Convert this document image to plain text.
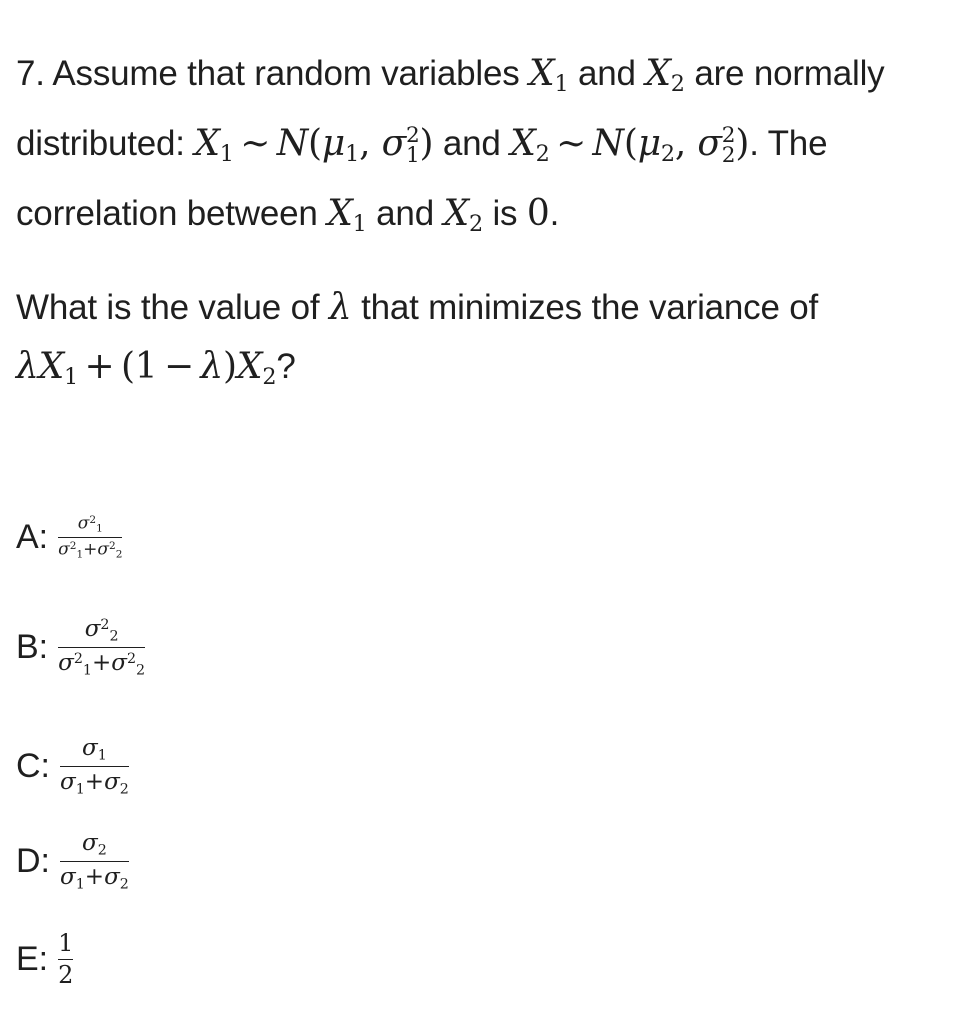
7. Assume that random variables $X_1$ and $X_2$ are normally distributed: $X_1$ ∼ $N(\mu_1$, σ 2
1 ) and $X_2$ ∼ $N(\mu_2$, σ 2
2 ). The correlation between $X_1$ and $X_2$ is 0.
What is the value of λ that minimizes the variance of
$\lambda X_1 + (1 - \lambda)X_2$?
A: $\frac{\sigma^2_1}{\sigma^2_1+\sigma^2_2}$
B: $\frac{\sigma^2_2}{\sigma^2_1+\sigma^2_2}$
C: $\frac{\sigma_1}{\sigma_1+\sigma_2}$
D: $\frac{\sigma_2}{\sigma_1+\sigma_2}$
E: $\frac{1}{2}$
